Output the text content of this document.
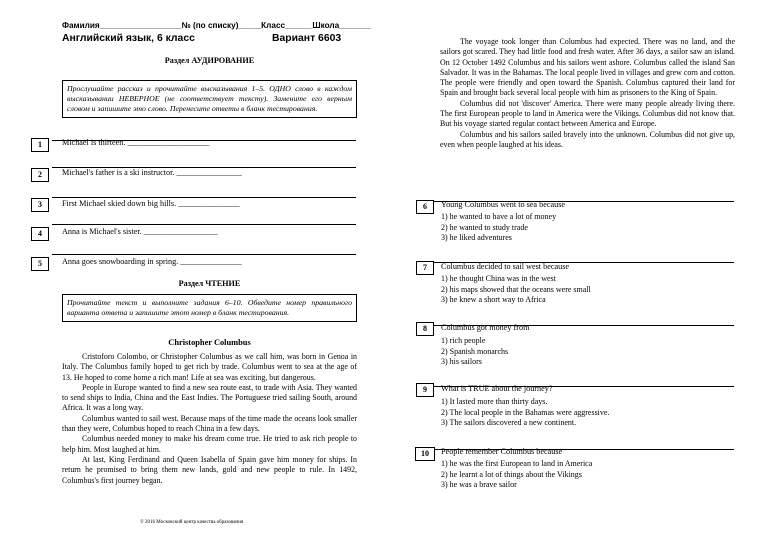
Фамилия__________________№ (по списку)_____Класс______Школа_______
Английский язык, 6 класс	Вариант 6603
Раздел АУДИРОВАНИЕ
Прослушайте рассказ и прочитайте высказывания 1–5. ОДНО слово в каждом высказывании НЕВЕРНОЕ (не соответствует тексту). Замените его верным словом и запишите это слово. Перенесите ответы в бланк тестирования.
1	Michael is thirteen. ____________________
2	Michael's father is a ski instructor. ________________
3	First Michael skied down big hills. _______________
4	Anna is Michael's sister. __________________
5	Anna goes snowboarding in spring. _______________
Раздел ЧТЕНИЕ
Прочитайте текст и выполните задания 6–10. Обведите номер правильного варианта ответа и запишите этот номер в бланк тестирования.
Christopher Columbus

Cristoforo Colombo, or Christopher Columbus as we call him, was born in Genoa in Italy. The Columbus family hoped to get rich by trade. Columbus went to sea at the age of 13. He hoped to come home a rich man! Life at sea was exciting, but dangerous.

People in Europe wanted to find a new sea route east, to trade with Asia. They wanted to send ships to India, China and the East Indies. The Portuguese tried sailing South, around Africa. It was a long way.

Columbus wanted to sail west. Because maps of the time made the oceans look smaller than they were, Columbus hoped to reach China in a few days.

Columbus needed money to make his dream come true. He tried to ask rich people to help him. Most laughed at him.

At last, King Ferdinand and Queen Isabella of Spain gave him money for ships. In return he promised to bring them new lands, gold and new people to rule. In 1492, Columbus's first journey began.

© 2016 Московский центр качества образования

The voyage took longer than Columbus had expected. There was no land, and the sailors got scared. They had little food and fresh water. After 36 days, a sailor saw an island. On 12 October 1492 Columbus and his sailors went ashore. Columbus called the island San Salvador. It was in the Bahamas. The local people lived in villages and grew corn and cotton. The people were friendly and open toward the Spanish. Columbus captured their land for Spain and brought back several local people with him as prisoners to the King of Spain.

Columbus did not 'discover' America. There were many people already living there. The first European people to land in America were the Vikings. Columbus did not know that. But his voyage started regular contact between America and Europe.

Columbus and his sailors sailed bravely into the unknown. Columbus did not give up, even when people laughed at his ideas.

6	Young Columbus went to sea because
1) he wanted to have a lot of money
2) he wanted to study trade
3) he liked adventures
7	Columbus decided to sail west because
1) he thought China was in the west
2) his maps showed that the oceans were small
3) he knew a short way to Africa
8	Columbus got money from
1) rich people
2) Spanish monarchs
3) his sailors
9	What is TRUE about the journey?
1) It lasted more than thirty days.
2) The local people in the Bahamas were aggressive.
3) The sailors discovered a new continent.
10	People remember Columbus because
1) he was the first European to land in America
2) he learnt a lot of things about the Vikings
3) he was a brave sailor
